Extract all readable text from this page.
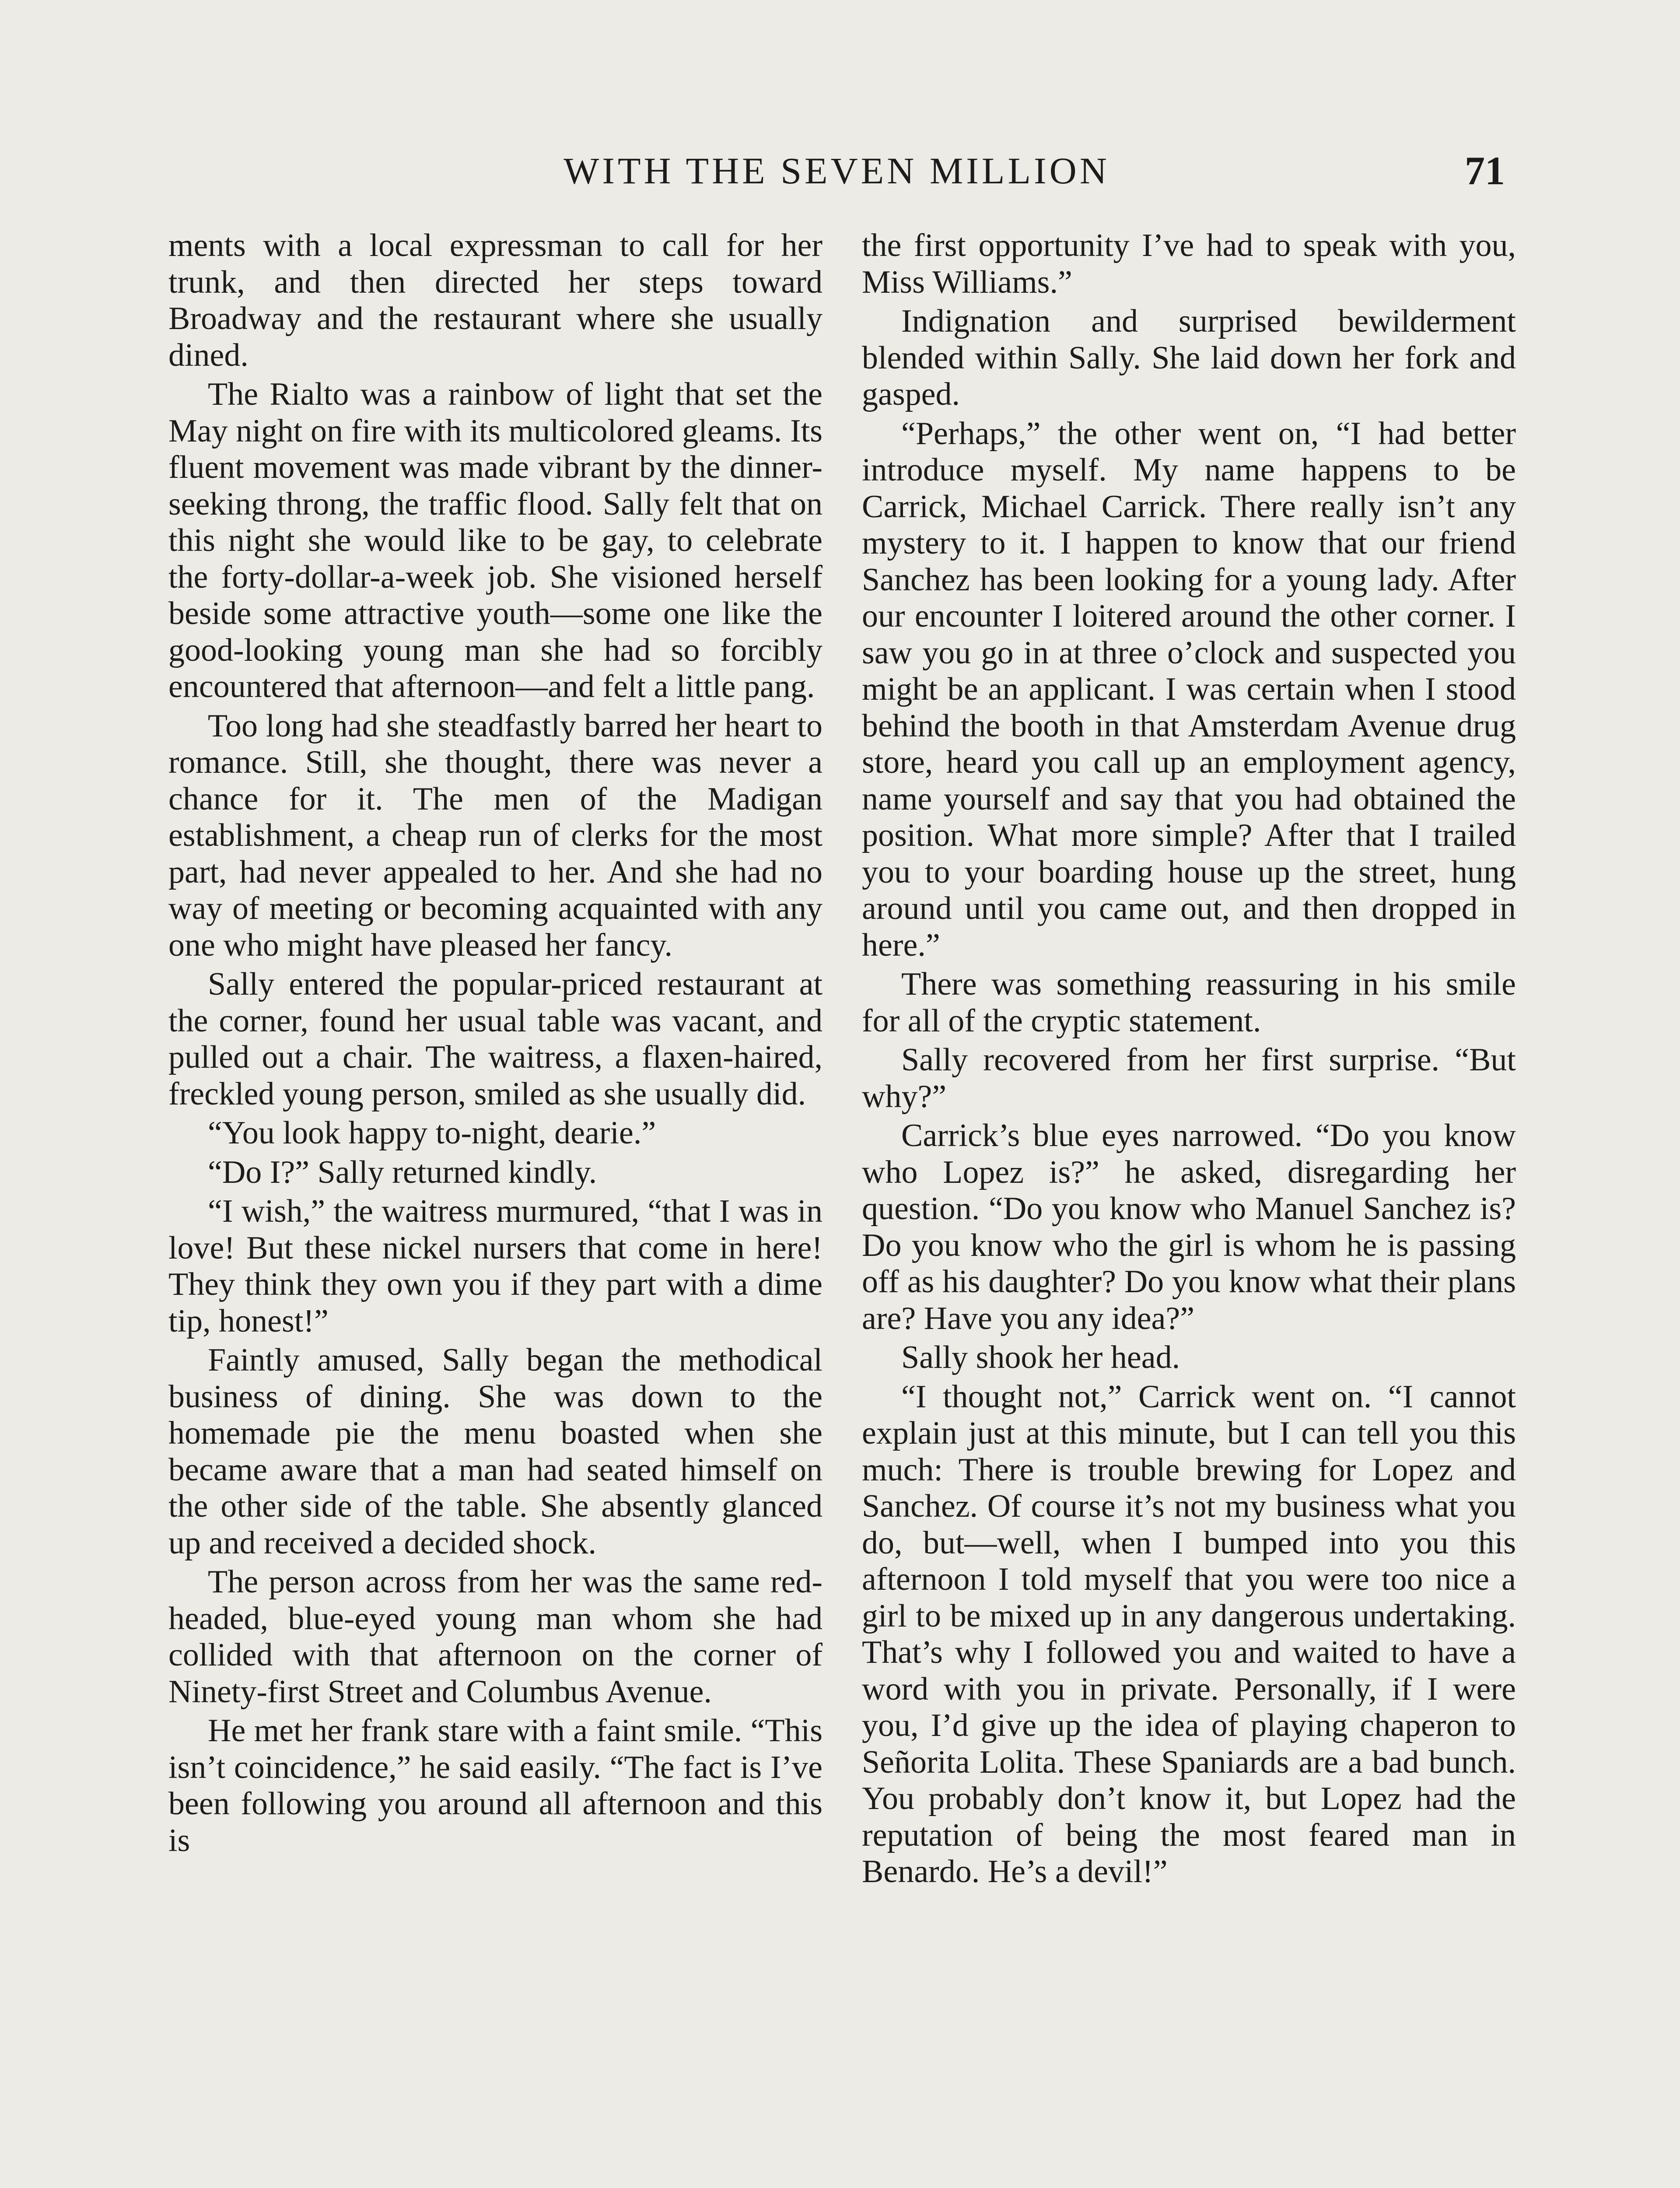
WITH THE SEVEN MILLION	71

ments with a local expressman to call for her trunk, and then directed her steps toward Broadway and the restaurant where she usually dined.

The Rialto was a rainbow of light that set the May night on fire with its multicolored gleams. Its fluent movement was made vibrant by the dinner-seeking throng, the traffic flood. Sally felt that on this night she would like to be gay, to celebrate the forty-dollar-a-week job. She visioned herself beside some attractive youth—some one like the good-looking young man she had so forcibly encountered that afternoon—and felt a little pang.

Too long had she steadfastly barred her heart to romance. Still, she thought, there was never a chance for it. The men of the Madigan establishment, a cheap run of clerks for the most part, had never appealed to her. And she had no way of meeting or becoming acquainted with any one who might have pleased her fancy.

Sally entered the popular-priced restaurant at the corner, found her usual table was vacant, and pulled out a chair. The waitress, a flaxen-haired, freckled young person, smiled as she usually did.

“You look happy to-night, dearie.”

“Do I?” Sally returned kindly.

“I wish,” the waitress murmured, “that I was in love! But these nickel nursers that come in here! They think they own you if they part with a dime tip, honest!”

Faintly amused, Sally began the methodical business of dining. She was down to the homemade pie the menu boasted when she became aware that a man had seated himself on the other side of the table. She absently glanced up and received a decided shock.

The person across from her was the same red-headed, blue-eyed young man whom she had collided with that afternoon on the corner of Ninety-first Street and Columbus Avenue.

He met her frank stare with a faint smile. “This isn’t coincidence,” he said easily. “The fact is I’ve been following you around all afternoon and this is

the first opportunity I’ve had to speak with you, Miss Williams.”

Indignation and surprised bewilderment blended within Sally. She laid down her fork and gasped.

“Perhaps,” the other went on, “I had better introduce myself. My name happens to be Carrick, Michael Carrick. There really isn’t any mystery to it. I happen to know that our friend Sanchez has been looking for a young lady. After our encounter I loitered around the other corner. I saw you go in at three o’clock and suspected you might be an applicant. I was certain when I stood behind the booth in that Amsterdam Avenue drug store, heard you call up an employment agency, name yourself and say that you had obtained the position. What more simple? After that I trailed you to your boarding house up the street, hung around until you came out, and then dropped in here.”

There was something reassuring in his smile for all of the cryptic statement.

Sally recovered from her first surprise. “But why?”

Carrick’s blue eyes narrowed. “Do you know who Lopez is?” he asked, disregarding her question. “Do you know who Manuel Sanchez is? Do you know who the girl is whom he is passing off as his daughter? Do you know what their plans are? Have you any idea?”

Sally shook her head.

“I thought not,” Carrick went on. “I cannot explain just at this minute, but I can tell you this much: There is trouble brewing for Lopez and Sanchez. Of course it’s not my business what you do, but—well, when I bumped into you this afternoon I told myself that you were too nice a girl to be mixed up in any dangerous undertaking. That’s why I followed you and waited to have a word with you in private. Personally, if I were you, I’d give up the idea of playing chaperon to Señorita Lolita. These Spaniards are a bad bunch. You probably don’t know it, but Lopez had the reputation of being the most feared man in Benardo. He’s a devil!”
